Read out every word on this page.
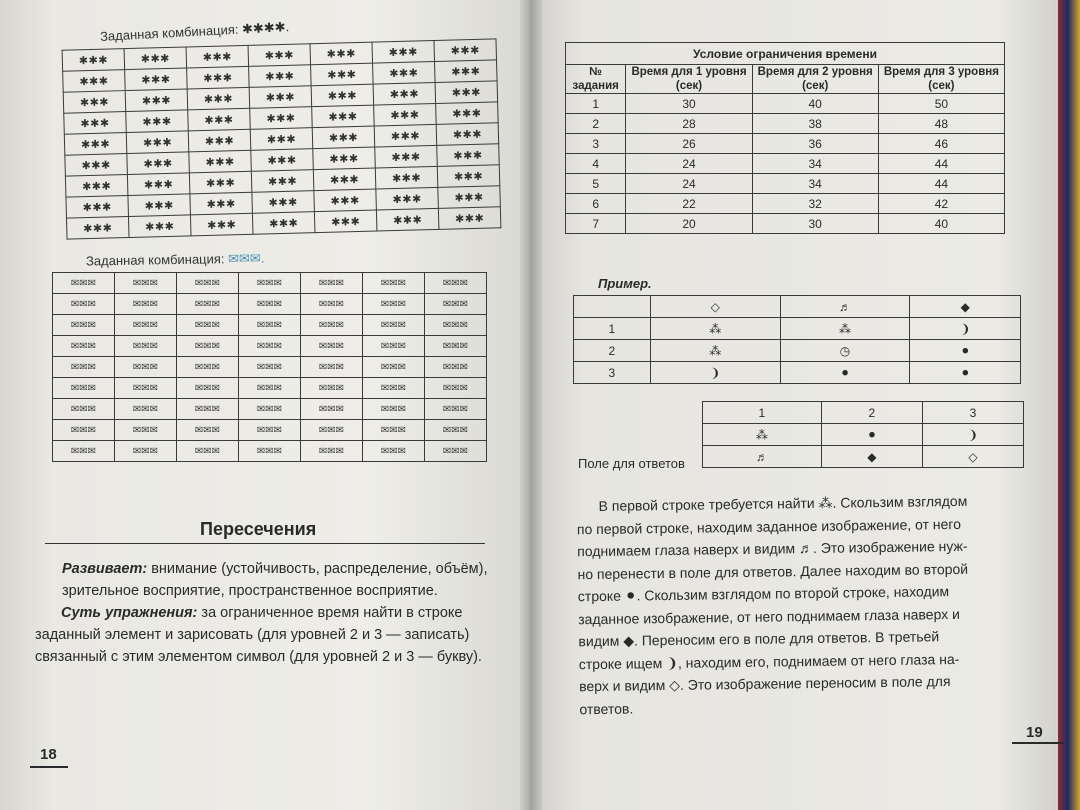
Заданная комбинация: ✱✱✱✱.
✱✱✱	✱✱✱	✱✱✱	✱✱✱	✱✱✱	✱✱✱	✱✱✱
✱✱✱	✱✱✱	✱✱✱	✱✱✱	✱✱✱	✱✱✱	✱✱✱
✱✱✱	✱✱✱	✱✱✱	✱✱✱	✱✱✱	✱✱✱	✱✱✱
✱✱✱	✱✱✱	✱✱✱	✱✱✱	✱✱✱	✱✱✱	✱✱✱
✱✱✱	✱✱✱	✱✱✱	✱✱✱	✱✱✱	✱✱✱	✱✱✱
✱✱✱	✱✱✱	✱✱✱	✱✱✱	✱✱✱	✱✱✱	✱✱✱
✱✱✱	✱✱✱	✱✱✱	✱✱✱	✱✱✱	✱✱✱	✱✱✱
✱✱✱	✱✱✱	✱✱✱	✱✱✱	✱✱✱	✱✱✱	✱✱✱
✱✱✱	✱✱✱	✱✱✱	✱✱✱	✱✱✱	✱✱✱	✱✱✱
Заданная комбинация: ✉✉✉.
✉✉✉	✉✉✉	✉✉✉	✉✉✉	✉✉✉	✉✉✉	✉✉✉
✉✉✉	✉✉✉	✉✉✉	✉✉✉	✉✉✉	✉✉✉	✉✉✉
✉✉✉	✉✉✉	✉✉✉	✉✉✉	✉✉✉	✉✉✉	✉✉✉
✉✉✉	✉✉✉	✉✉✉	✉✉✉	✉✉✉	✉✉✉	✉✉✉
✉✉✉	✉✉✉	✉✉✉	✉✉✉	✉✉✉	✉✉✉	✉✉✉
✉✉✉	✉✉✉	✉✉✉	✉✉✉	✉✉✉	✉✉✉	✉✉✉
✉✉✉	✉✉✉	✉✉✉	✉✉✉	✉✉✉	✉✉✉	✉✉✉
✉✉✉	✉✉✉	✉✉✉	✉✉✉	✉✉✉	✉✉✉	✉✉✉
✉✉✉	✉✉✉	✉✉✉	✉✉✉	✉✉✉	✉✉✉	✉✉✉
Пересечения
Развивает: внимание (устойчивость, распределение, объём), зрительное восприятие, пространственное восприятие.
Суть упражнения: за ограниченное время найти в строке заданный элемент и зарисовать (для уровней 2 и 3 — записать) связанный с этим элементом символ (для уровней 2 и 3 — букву).
18
Условие ограничения времени			
№ задания	Время для 1 уровня (сек)	Время для 2 уровня (сек)	Время для 3 уровня (сек)
1	30	40	50
2	28	38	48
3	26	36	46
4	24	34	44
5	24	34	44
6	22	32	42
7	20	30	40
Пример.
	◇	♬	◆
1	⁂	⁂	❩
2	⁂	◷	⚫
3	❩	⚫	⚫
Поле для ответов
1	2	3
⁂	⚫	❩
♬	◆	◇
В первой строке требуется найти ⁂. Скользим взглядом
по первой строке, находим заданное изображение, от него
поднимаем глаза наверх и видим ♬. Это изображение нуж-
но перенести в поле для ответов. Далее находим во второй
строке ⚫. Скользим взглядом по второй строке, находим
заданное изображение, от него поднимаем глаза наверх и
видим ◆. Переносим его в поле для ответов. В третьей
строке ищем ❩, находим его, поднимаем от него глаза на-
верх и видим ◇. Это изображение переносим в поле для
ответов.
19
